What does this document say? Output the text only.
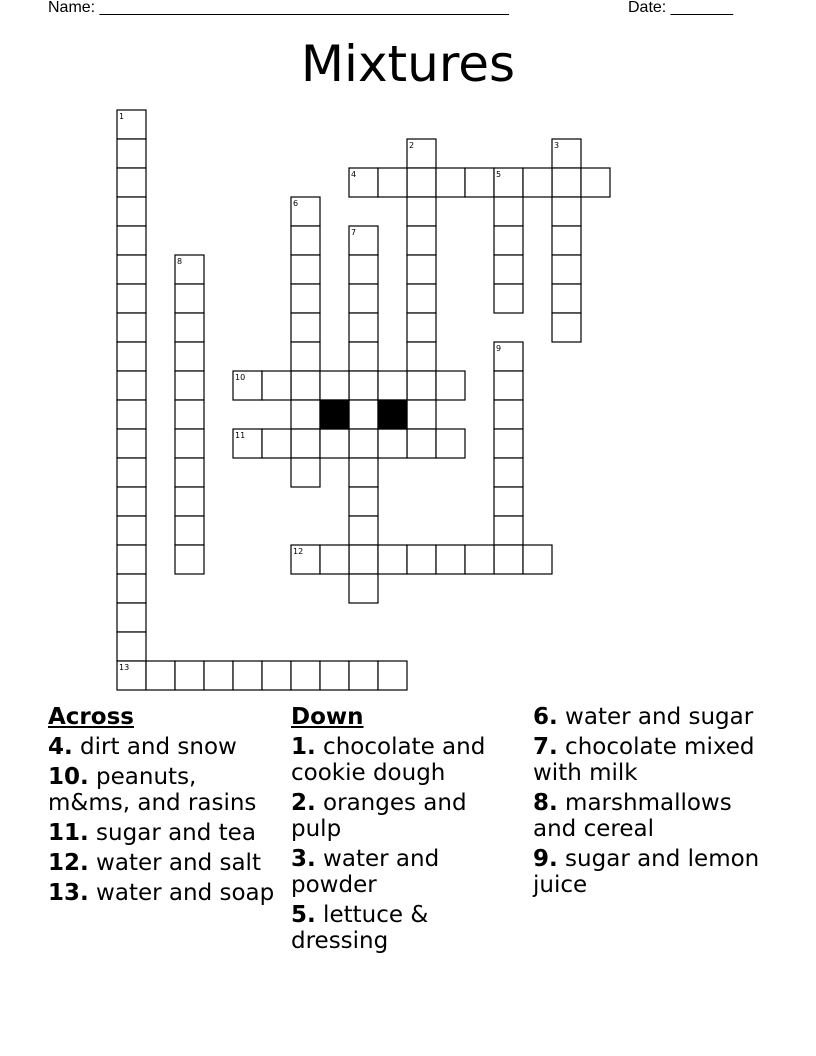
Name: ______________________________________________	Date: _______
Mixtures
1
2	3
4	5
6
7
8
9
10
11
12
13
Across
4. dirt and snow
10. peanuts, m&ms, and rasins
11. sugar and tea
12. water and salt
13. water and soap
Down
1. chocolate and cookie dough
2. oranges and pulp
3. water and powder
5. lettuce & dressing
6. water and sugar
7. chocolate mixed with milk
8. marshmallows and cereal
9. sugar and lemon juice
